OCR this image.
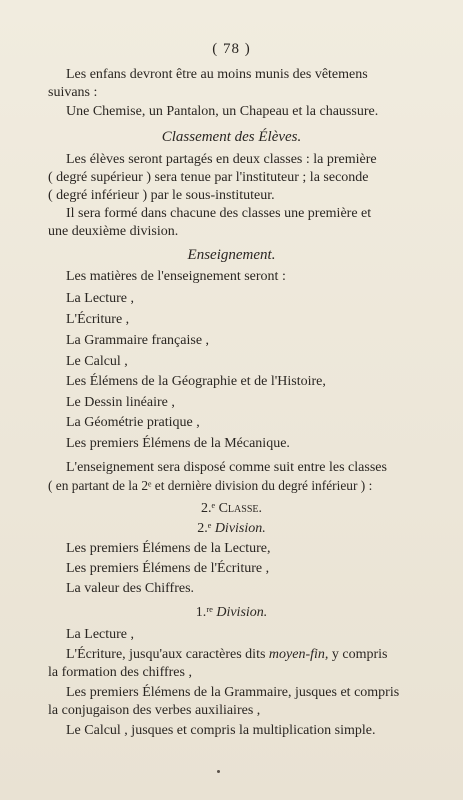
( 78 )
Les enfans devront être au moins munis des vêtemens
suivans :
Une Chemise, un Pantalon, un Chapeau et la chaussure.
Classement des Élèves.
Les élèves seront partagés en deux classes : la première
( degré supérieur ) sera tenue par l'instituteur ; la seconde
( degré inférieur ) par le sous-instituteur.
Il sera formé dans chacune des classes une première et
une deuxième division.
Enseignement.
Les matières de l'enseignement seront :
La Lecture ,
L'Écriture ,
La Grammaire française ,
Le Calcul ,
Les Élémens de la Géographie et de l'Histoire,
Le Dessin linéaire ,
La Géométrie pratique ,
Les premiers Élémens de la Mécanique.
L'enseignement sera disposé comme suit entre les classes
( en partant de la 2ᵉ et dernière division du degré inférieur ) :
2.ᵉ Classe.
2.ᵉ Division.
Les premiers Élémens de la Lecture,
Les premiers Élémens de l'Écriture ,
La valeur des Chiffres.
1.ʳᵉ Division.
La Lecture ,
L'Écriture, jusqu'aux caractères dits moyen-fin, y compris
la formation des chiffres ,
Les premiers Élémens de la Grammaire, jusques et compris
la conjugaison des verbes auxiliaires ,
Le Calcul , jusques et compris la multiplication simple.
